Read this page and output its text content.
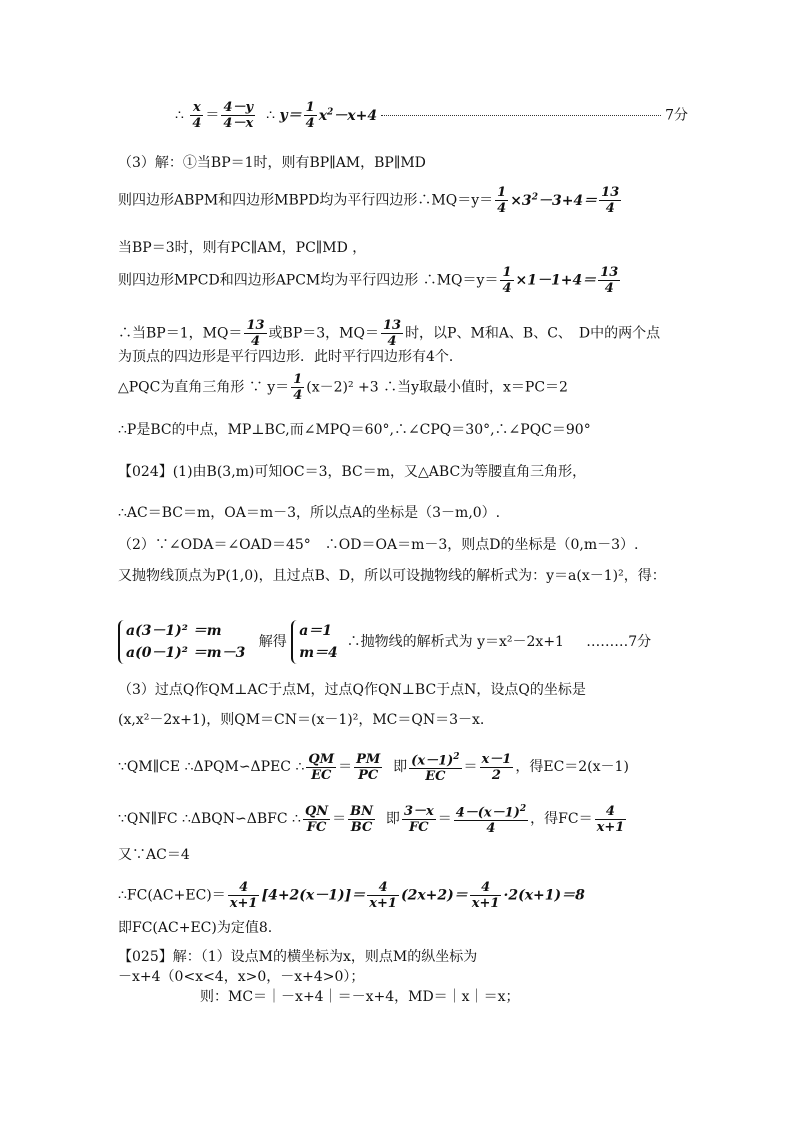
∴ $\frac{x}{4} = \frac{4-y}{4-x}$ ∴ $y= \frac{1}{4} x^2-x+4$	7分
（3）解：①当BP＝1时，则有BP∥AM，BP∥MD
则四边形ABPM和四边形MBPD均为平行四边形∴MQ＝y＝ $\frac{1}{4} \times 3^2-3+4= \frac{13}{4}$
当BP＝3时，则有PC∥AM，PC∥MD ，
则四边形MPCD和四边形APCM均为平行四边形 ∴MQ＝y＝ $\frac{1}{4} \times 1-1+4= \frac{13}{4}$
∴当BP＝1，$MQ= \frac{13}{4}$ 或BP＝3，$MQ= \frac{13}{4}$ 时，以P、M和A、B、C、　D中的两个点
为顶点的四边形是平行四边形．此时平行四边形有4个．
△PQC为直角三角形 ∵ $y= \frac{1}{4} (x-2)^2 +3$ ∴当y取最小值时，x＝PC＝2
∴P是BC的中点，MP⊥BC,而∠MPQ＝60°,∴∠CPQ＝30°,∴∠PQC＝90°
【024】(1)由B(3,m)可知OC＝3，BC＝m，又△ABC为等腰直角三角形，
∴AC＝BC＝m，OA＝m－3，所以点A的坐标是（3－m,0）.
（2）∵∠ODA＝∠OAD＝45°　∴OD＝OA＝m－3，则点D的坐标是（0,m－3）.
又抛物线顶点为P(1,0)，且过点B、D，所以可设抛物线的解析式为：y＝a(x－1)²，得：
a(3－1)² ＝m
a(0－1)² ＝m－3
解得
a＝1
m＝4
∴抛物线的解析式为 y＝x²－2x+1 ………7分
（3）过点Q作QM⊥AC于点M，过点Q作QN⊥BC于点N，设点Q的坐标是
(x,x²－2x+1)，则QM＝CN＝(x－1)²，MC＝QN＝3－x.
∵QM∥CE ∴ΔPQM∽ΔPEC ∴ $\frac{QM}{EC} = \frac{PM}{PC}$ 即 $\frac{(x-1)^2}{EC} = \frac{x-1}{2}$ ，得EC＝2(x－1)
∵QN∥FC ∴ΔBQN∽ΔBFC ∴ $\frac{QN}{FC} = \frac{BN}{BC}$ 即 $\frac{3-x}{FC} = \frac{4-(x-1)^2}{4}$ ，得$FC= \frac{4}{x+1}$
又∵AC＝4
∴FC(AC+EC)＝ $\frac{4}{x+1} [4+2(x-1)]= \frac{4}{x+1} (2x+2)= \frac{4}{x+1} \cdot 2(x+1)=8$
即FC(AC+EC)为定值8.
【025】解：（1）设点M的横坐标为x，则点M的纵坐标为
－x+4（0<x<4，x>0，－x+4>0）；
则：MC＝｜－x+4｜＝－x+4，MD＝｜x｜＝x；
